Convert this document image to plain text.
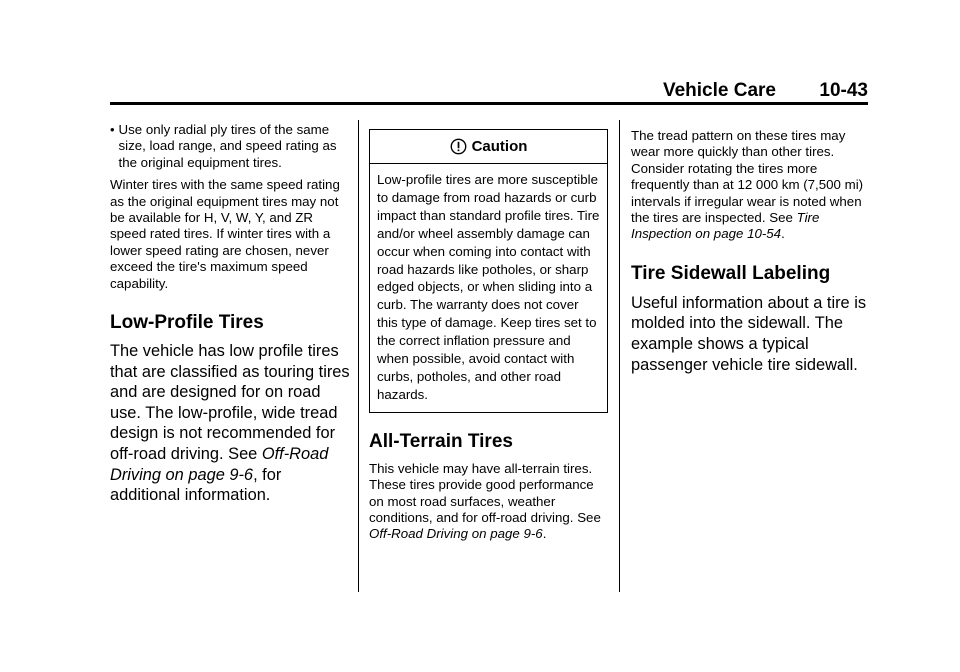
Vehicle Care 10-43
• Use only radial ply tires of the same size, load range, and speed rating as the original equipment tires.

Winter tires with the same speed rating as the original equipment tires may not be available for H, V, W, Y, and ZR speed rated tires. If winter tires with a lower speed rating are chosen, never exceed the tire's maximum speed capability.

Low-Profile Tires

The vehicle has low profile tires that are classified as touring tires and are designed for on road use. The low-profile, wide tread design is not recommended for off-road driving. See Off-Road Driving on page 9-6, for additional information.

Caution
Low-profile tires are more susceptible to damage from road hazards or curb impact than standard profile tires. Tire and/or wheel assembly damage can occur when coming into contact with road hazards like potholes, or sharp edged objects, or when sliding into a curb. The warranty does not cover this type of damage. Keep tires set to the correct inflation pressure and when possible, avoid contact with curbs, potholes, and other road hazards.

All-Terrain Tires

This vehicle may have all-terrain tires. These tires provide good performance on most road surfaces, weather conditions, and for off-road driving. See Off-Road Driving on page 9-6.

The tread pattern on these tires may wear more quickly than other tires. Consider rotating the tires more frequently than at 12 000 km (7,500 mi) intervals if irregular wear is noted when the tires are inspected. See Tire Inspection on page 10-54.

Tire Sidewall Labeling

Useful information about a tire is molded into the sidewall. The example shows a typical passenger vehicle tire sidewall.
